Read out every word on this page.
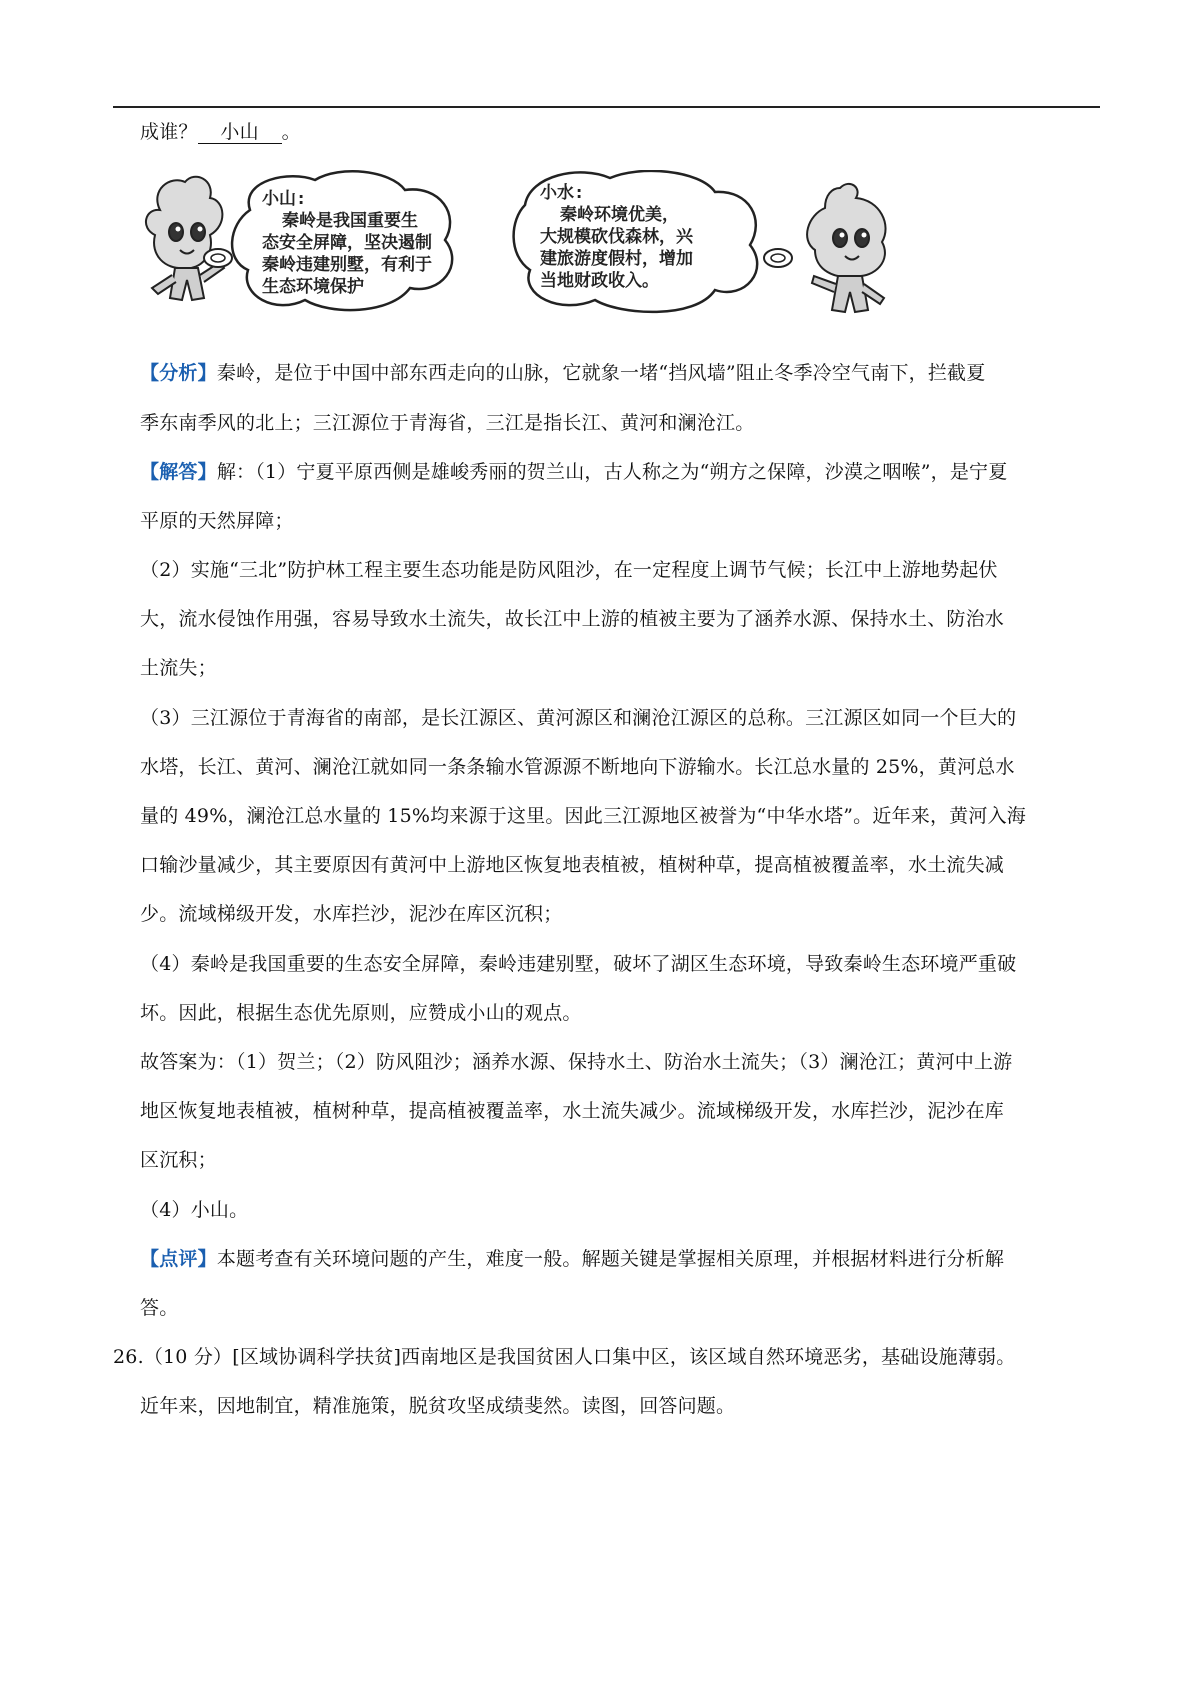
成谁？ 小山 。
小山:
秦岭是我国重要生
态安全屏障，坚决遏制
秦岭违建别墅，有利于
生态环境保护
小水:
秦岭环境优美，
大规模砍伐森林，兴
建旅游度假村，增加
当地财政收入。
【分析】秦岭，是位于中国中部东西走向的山脉，它就象一堵“挡风墙”阻止冬季冷空气南下，拦截夏
季东南季风的北上；三江源位于青海省，三江是指长江、黄河和澜沧江。
【解答】解：（1）宁夏平原西侧是雄峻秀丽的贺兰山，古人称之为“朔方之保障，沙漠之咽喉”，是宁夏
平原的天然屏障；
（2）实施“三北”防护林工程主要生态功能是防风阻沙，在一定程度上调节气候；长江中上游地势起伏
大，流水侵蚀作用强，容易导致水土流失，故长江中上游的植被主要为了涵养水源、保持水土、防治水
土流失；
（3）三江源位于青海省的南部，是长江源区、黄河源区和澜沧江源区的总称。三江源区如同一个巨大的
水塔，长江、黄河、澜沧江就如同一条条输水管源源不断地向下游输水。长江总水量的 25%，黄河总水
量的 49%，澜沧江总水量的 15%均来源于这里。因此三江源地区被誉为“中华水塔”。近年来，黄河入海
口输沙量减少，其主要原因有黄河中上游地区恢复地表植被，植树种草，提高植被覆盖率，水土流失减
少。流域梯级开发，水库拦沙，泥沙在库区沉积；
（4）秦岭是我国重要的生态安全屏障，秦岭违建别墅，破坏了湖区生态环境，导致秦岭生态环境严重破
坏。因此，根据生态优先原则，应赞成小山的观点。
故答案为：（1）贺兰；（2）防风阻沙；涵养水源、保持水土、防治水土流失；（3）澜沧江；黄河中上游
地区恢复地表植被，植树种草，提高植被覆盖率，水土流失减少。流域梯级开发，水库拦沙，泥沙在库
区沉积；
（4）小山。
【点评】本题考查有关环境问题的产生，难度一般。解题关键是掌握相关原理，并根据材料进行分析解
答。
26.（10 分）[区域协调科学扶贫]西南地区是我国贫困人口集中区，该区域自然环境恶劣，基础设施薄弱。
近年来，因地制宜，精准施策，脱贫攻坚成绩斐然。读图，回答问题。
